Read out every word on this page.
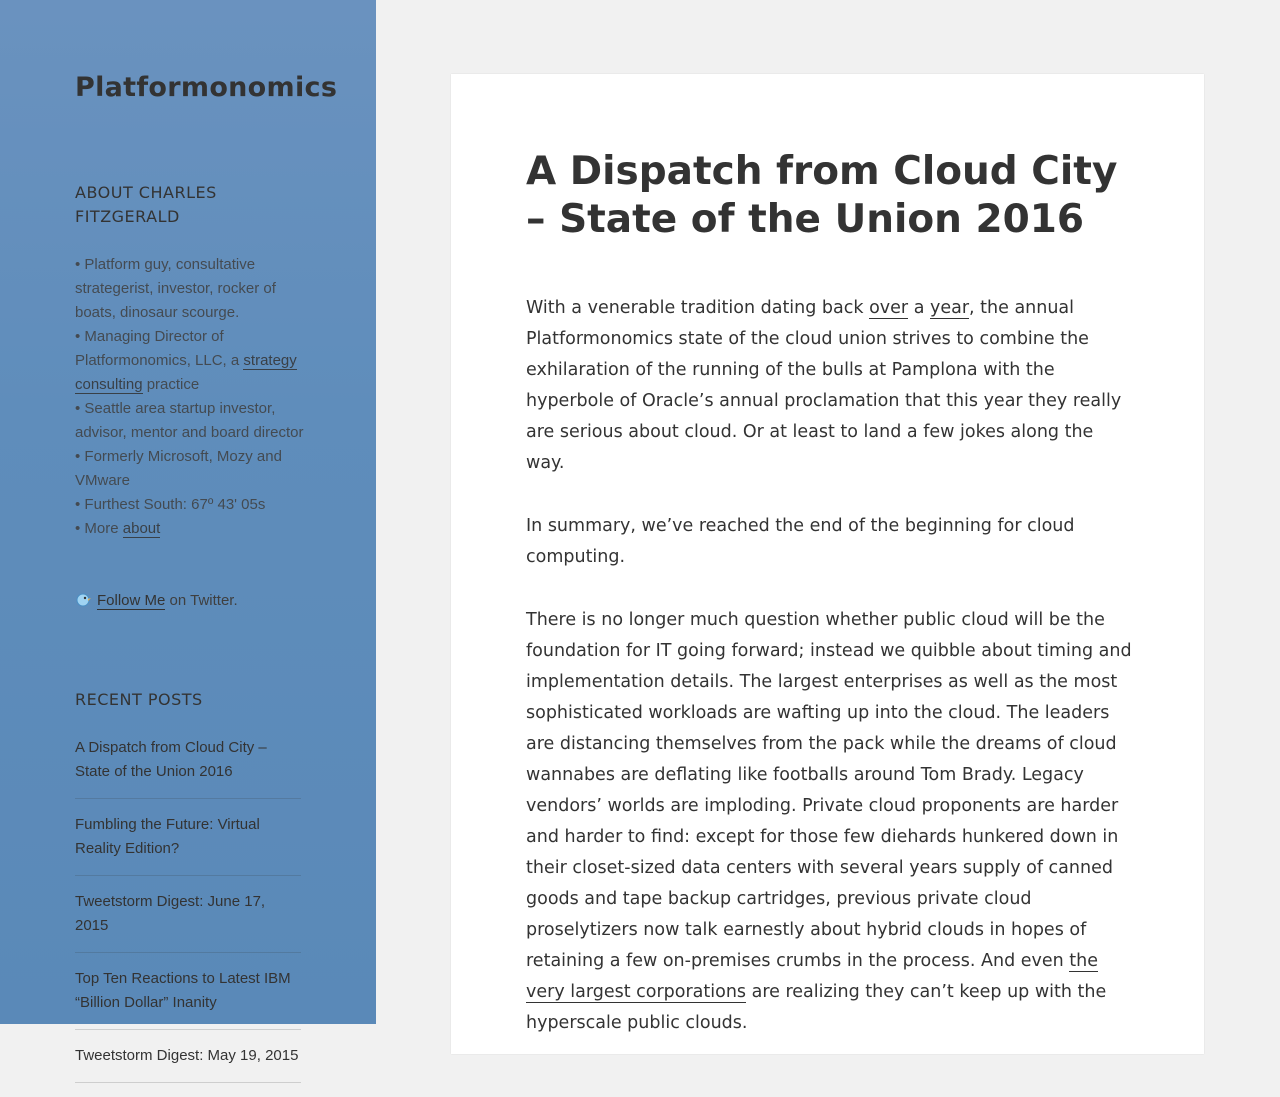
Platformonomics
ABOUT CHARLES FITZGERALD
• Platform guy, consultative strategerist, investor, rocker of boats, dinosaur scourge.
• Managing Director of Platformonomics, LLC, a strategy consulting practice
• Seattle area startup investor, advisor, mentor and board director
• Formerly Microsoft, Mozy and VMware
• Furthest South: 67º 43' 05s
• More about
Follow Me on Twitter.
RECENT POSTS
A Dispatch from Cloud City – State of the Union 2016
Fumbling the Future: Virtual Reality Edition?
Tweetstorm Digest: June 17, 2015
Top Ten Reactions to Latest IBM “Billion Dollar” Inanity
Tweetstorm Digest: May 19, 2015
A Dispatch from Cloud City – State of the Union 2016

With a venerable tradition dating back over a year, the annual Platformonomics state of the cloud union strives to combine the exhilaration of the running of the bulls at Pamplona with the hyperbole of Oracle’s annual proclamation that this year they really are serious about cloud. Or at least to land a few jokes along the way.

In summary, we’ve reached the end of the beginning for cloud computing.

There is no longer much question whether public cloud will be the foundation for IT going forward; instead we quibble about timing and implementation details. The largest enterprises as well as the most sophisticated workloads are wafting up into the cloud. The leaders are distancing themselves from the pack while the dreams of cloud wannabes are deflating like footballs around Tom Brady. Legacy vendors’ worlds are imploding. Private cloud proponents are harder and harder to find: except for those few diehards hunkered down in their closet-sized data centers with several years supply of canned goods and tape backup cartridges, previous private cloud proselytizers now talk earnestly about hybrid clouds in hopes of retaining a few on-premises crumbs in the process. And even the very largest corporations are realizing they can’t keep up with the hyperscale public clouds.
